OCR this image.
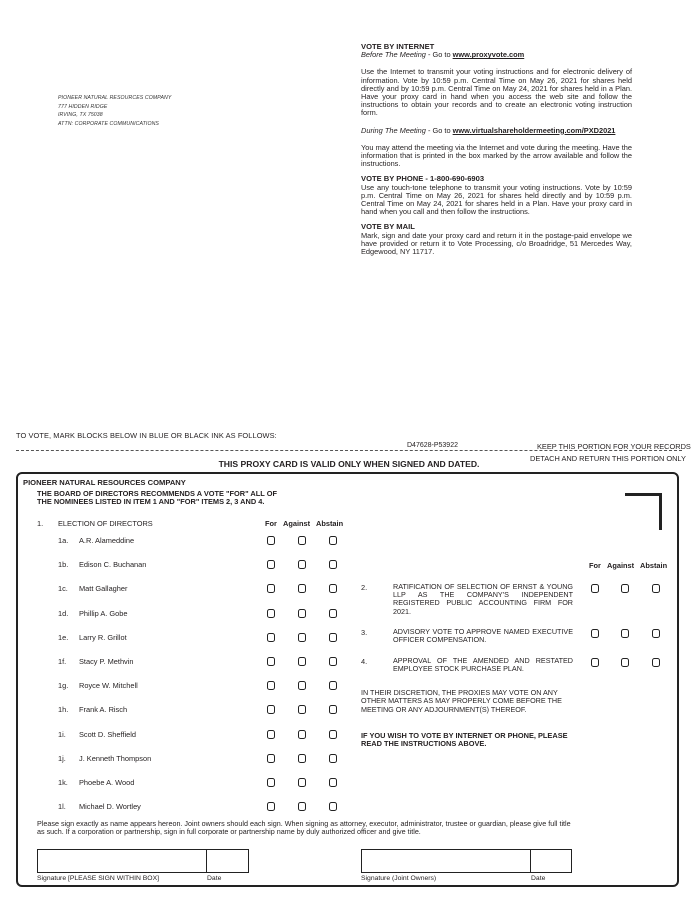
PIONEER NATURAL RESOURCES COMPANY
777 HIDDEN RIDGE
IRVING, TX 75038
ATTN: CORPORATE COMMUNICATIONS
VOTE BY INTERNET

Before The Meeting - Go to www.proxyvote.com

Use the Internet to transmit your voting instructions and for electronic delivery of information. Vote by 10:59 p.m. Central Time on May 26, 2021 for shares held directly and by 10:59 p.m. Central Time on May 24, 2021 for shares held in a Plan. Have your proxy card in hand when you access the web site and follow the instructions to obtain your records and to create an electronic voting instruction form.

During The Meeting - Go to www.virtualshareholdermeeting.com/PXD2021

You may attend the meeting via the Internet and vote during the meeting. Have the information that is printed in the box marked by the arrow available and follow the instructions.

VOTE BY PHONE - 1-800-690-6903

Use any touch-tone telephone to transmit your voting instructions. Vote by 10:59 p.m. Central Time on May 26, 2021 for shares held directly and by 10:59 p.m. Central Time on May 24, 2021 for shares held in a Plan. Have your proxy card in hand when you call and then follow the instructions.

VOTE BY MAIL

Mark, sign and date your proxy card and return it in the postage-paid envelope we have provided or return it to Vote Processing, c/o Broadridge, 51 Mercedes Way, Edgewood, NY 11717.

TO VOTE, MARK BLOCKS BELOW IN BLUE OR BLACK INK AS FOLLOWS:
D47628-P53922	KEEP THIS PORTION FOR YOUR RECORDS
DETACH AND RETURN THIS PORTION ONLY
THIS PROXY CARD IS VALID ONLY WHEN SIGNED AND DATED.
PIONEER NATURAL RESOURCES COMPANY
THE BOARD OF DIRECTORS RECOMMENDS A VOTE "FOR" ALL OF THE NOMINEES LISTED IN ITEM 1 AND "FOR" ITEMS 2, 3 AND 4.
For Against Abstain
1. ELECTION OF DIRECTORS
1a.	A.R. Alameddine
1b.	Edison C. Buchanan
1c.	Matt Gallagher
1d.	Phillip A. Gobe
1e.	Larry R. Grillot
1f.	Stacy P. Methvin
1g.	Royce W. Mitchell
1h.	Frank A. Risch
1i.	Scott D. Sheffield
1j.	J. Kenneth Thompson
1k.	Phoebe A. Wood
1l.	Michael D. Wortley
For Against Abstain
2.	RATIFICATION OF SELECTION OF ERNST & YOUNG LLP AS THE COMPANY'S INDEPENDENT REGISTERED PUBLIC ACCOUNTING FIRM FOR 2021.
3.	ADVISORY VOTE TO APPROVE NAMED EXECUTIVE OFFICER COMPENSATION.
4.	APPROVAL OF THE AMENDED AND RESTATED EMPLOYEE STOCK PURCHASE PLAN.
IN THEIR DISCRETION, THE PROXIES MAY VOTE ON ANY OTHER MATTERS AS MAY PROPERLY COME BEFORE THE MEETING OR ANY ADJOURNMENT(S) THEREOF.
IF YOU WISH TO VOTE BY INTERNET OR PHONE, PLEASE READ THE INSTRUCTIONS ABOVE.
Please sign exactly as name appears hereon. Joint owners should each sign. When signing as attorney, executor, administrator, trustee or guardian, please give full title as such. If a corporation or partnership, sign in full corporate or partnership name by duly authorized officer and give title.
Signature [PLEASE SIGN WITHIN BOX]	Date	Signature (Joint Owners)	Date
